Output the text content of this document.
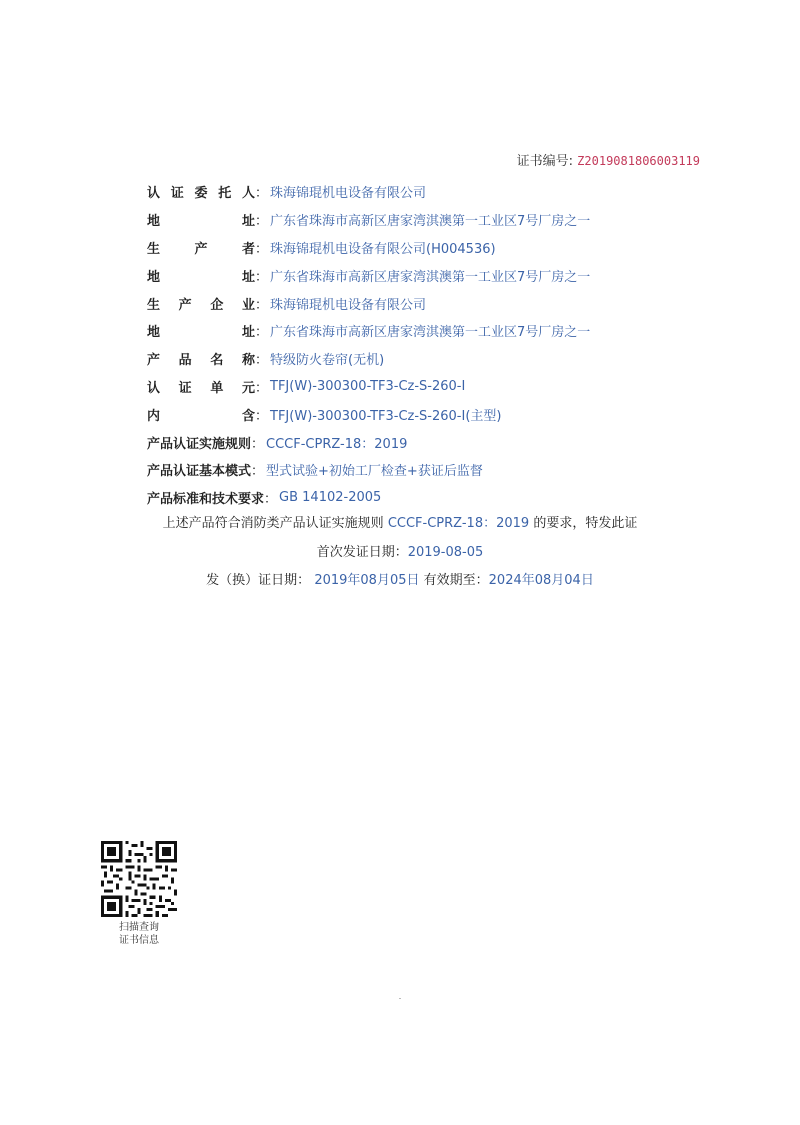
证书编号: Z2019081806003119
认 证 委 托 人 ： 珠海锦琨机电设备有限公司
地	址 ： 广东省珠海市高新区唐家湾淇澳第一工业区7号厂房之一
生	产	者 ： 珠海锦琨机电设备有限公司(H004536)
地	址 ： 广东省珠海市高新区唐家湾淇澳第一工业区7号厂房之一
生 产 企 业 ： 珠海锦琨机电设备有限公司
地	址 ： 广东省珠海市高新区唐家湾淇澳第一工业区7号厂房之一
产 品 名 称 ： 特级防火卷帘(无机)
认 证 单 元 ： TFJ(W)-300300-TF3-Cz-S-260-Ⅰ
内	含 ： TFJ(W)-300300-TF3-Cz-S-260-Ⅰ(主型)
产品认证实施规则 ： CCCF-CPRZ-18：2019
产品认证基本模式 ： 型式试验+初始工厂检查+获证后监督
产品标准和技术要求 ： GB 14102-2005
上述产品符合消防类产品认证实施规则 CCCF-CPRZ-18：2019 的要求，特发此证
首次发证日期：2019-08-05
发（换）证日期： 2019年08月05日 有效期至：2024年08月04日
扫描查询
证书信息
